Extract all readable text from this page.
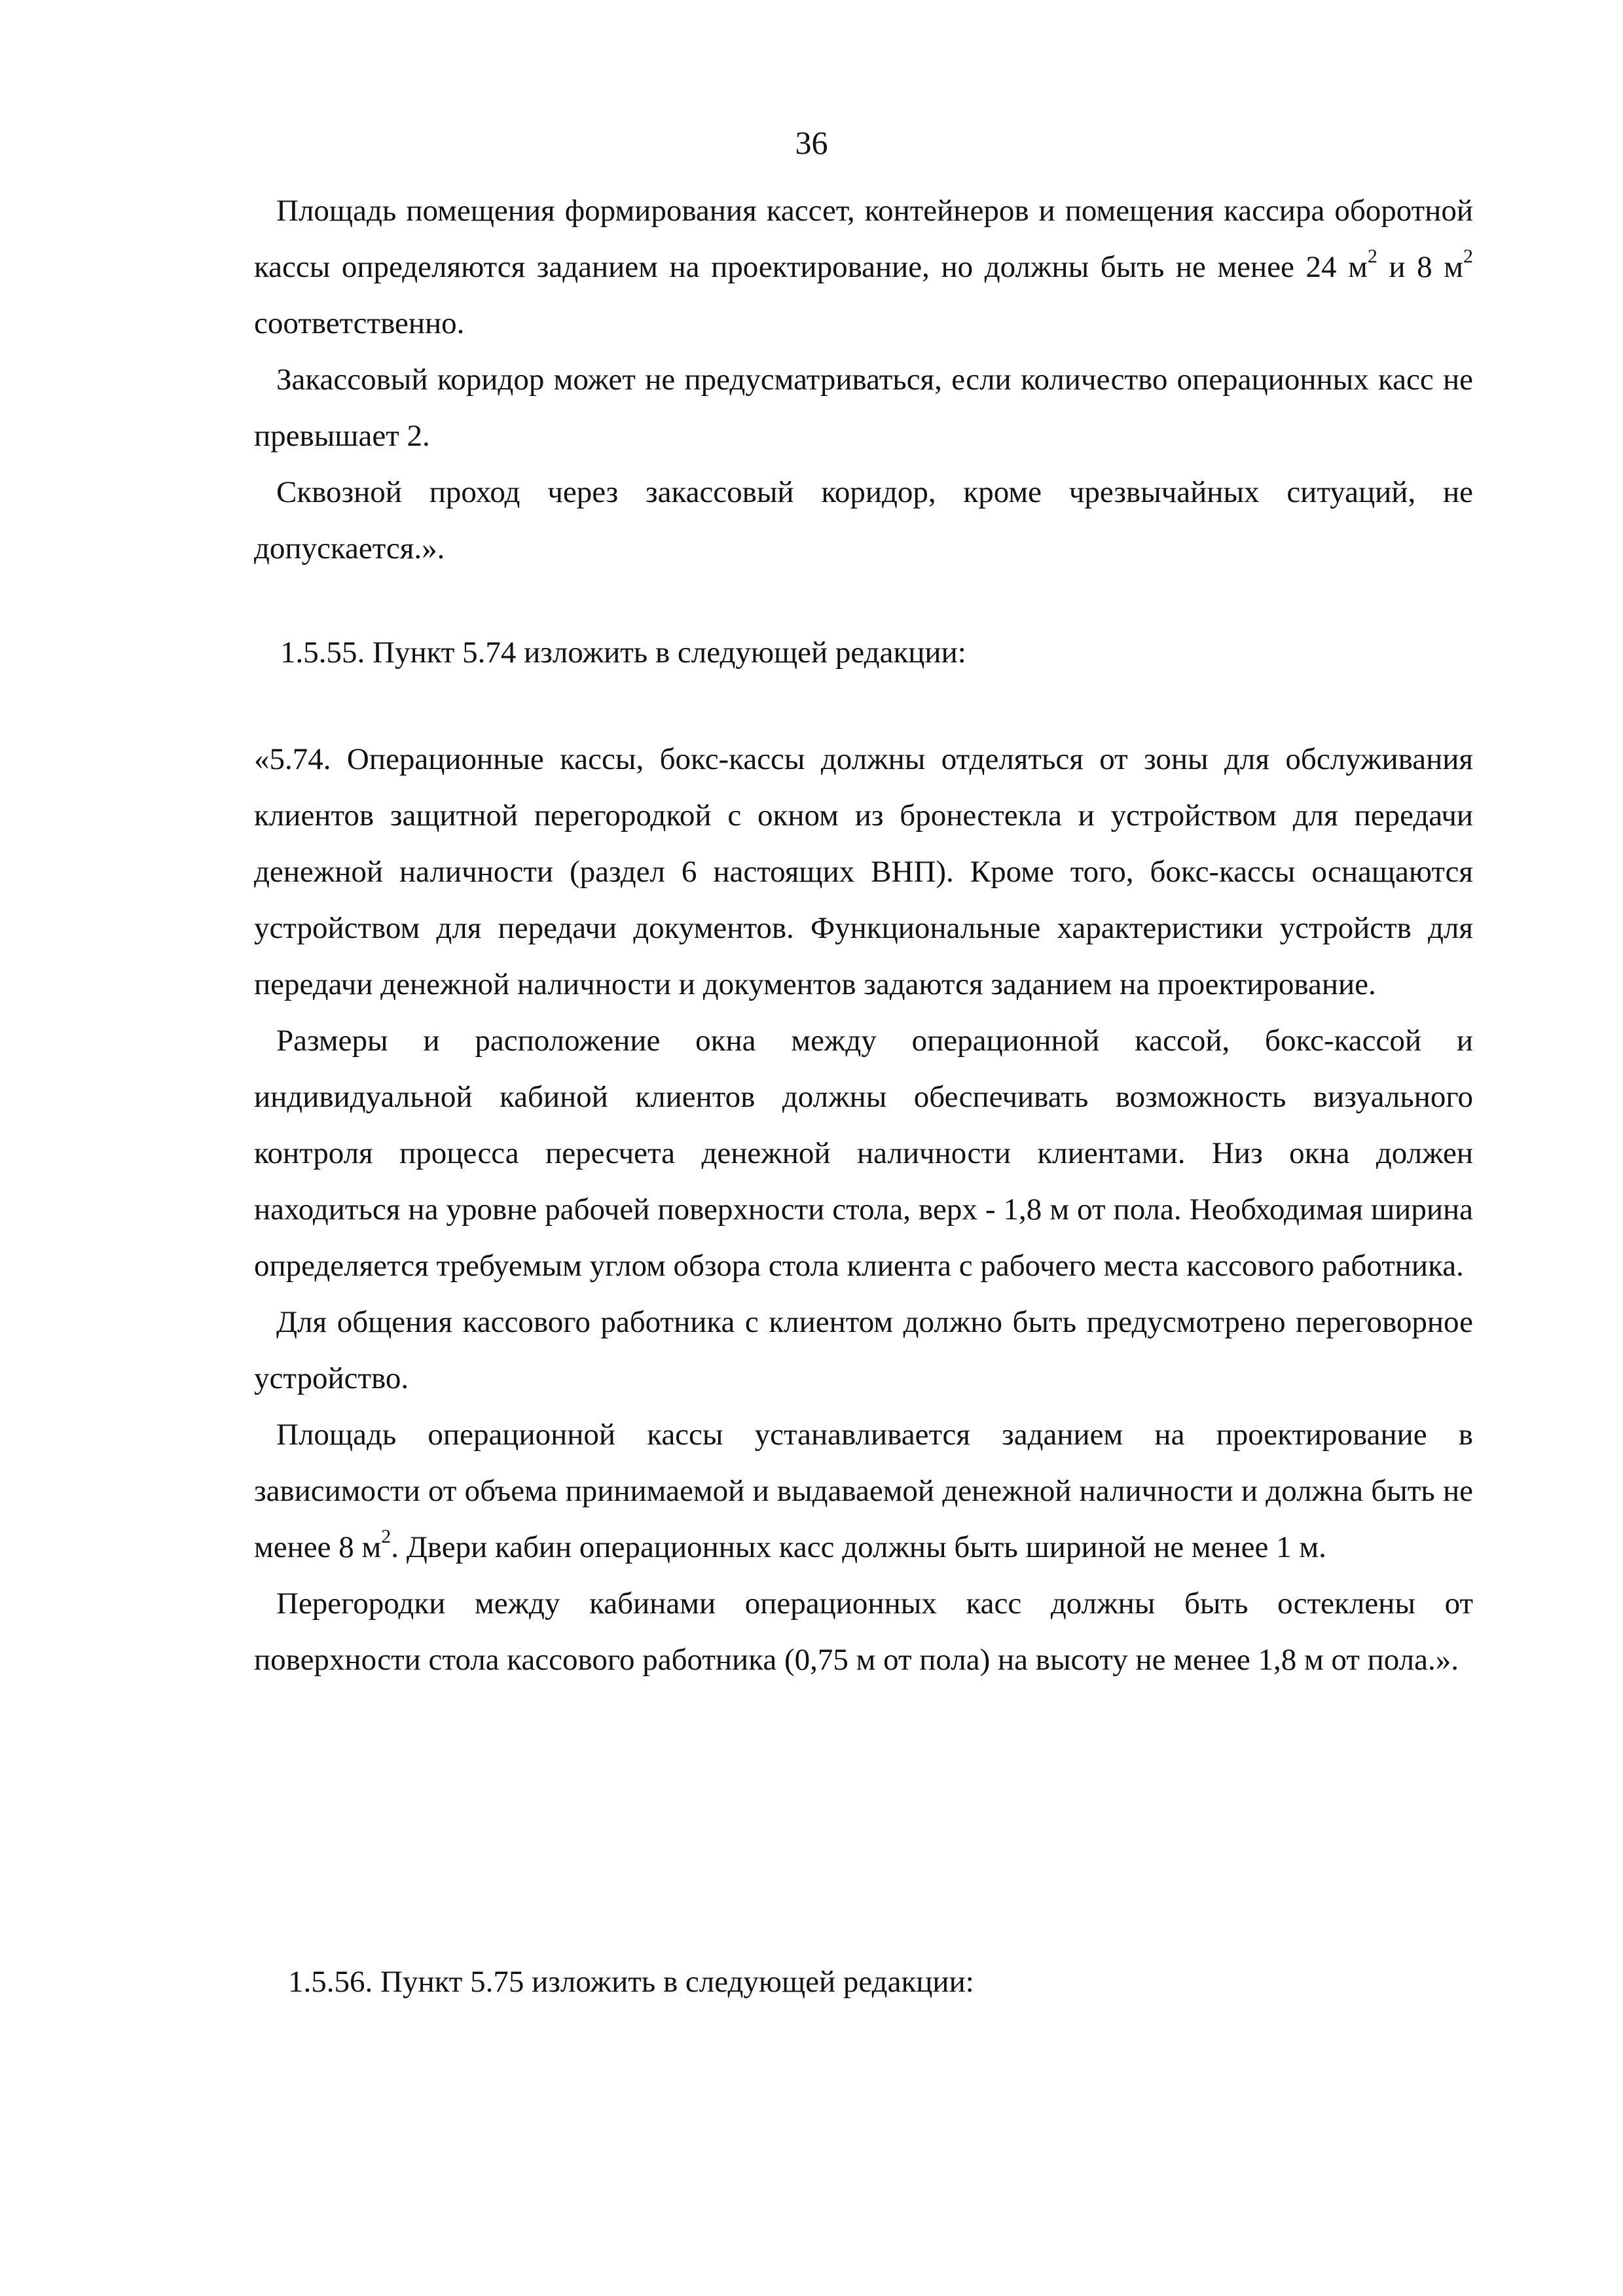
36

Площадь помещения формирования кассет, контейнеров и помещения кассира оборотной кассы определяются заданием на проектирование, но должны быть не менее 24 $м^2$ и 8 $м^2$ соответственно.

Закассовый коридор может не предусматриваться, если количество операционных касс не превышает 2.

Сквозной проход через закассовый коридор, кроме чрезвычайных ситуаций, не допускается.».

1.5.55. Пункт 5.74 изложить в следующей редакции:

«5.74. Операционные кассы, бокс-кассы должны отделяться от зоны для обслуживания клиентов защитной перегородкой с окном из бронестекла и устройством для передачи денежной наличности (раздел 6 настоящих ВНП). Кроме того, бокс-кассы оснащаются устройством для передачи документов. Функциональные характеристики устройств для передачи денежной наличности и документов задаются заданием на проектирование.

Размеры и расположение окна между операционной кассой, бокс-кассой и индивидуальной кабиной клиентов должны обеспечивать возможность визуального контроля процесса пересчета денежной наличности клиентами. Низ окна должен находиться на уровне рабочей поверхности стола, верх - 1,8 м от пола. Необходимая ширина определяется требуемым углом обзора стола клиента с рабочего места кассового работника.

Для общения кассового работника с клиентом должно быть предусмотрено переговорное устройство.

Площадь операционной кассы устанавливается заданием на проектирование в зависимости от объема принимаемой и выдаваемой денежной наличности и должна быть не менее 8 $м^2$. Двери кабин операционных касс должны быть шириной не менее 1 м.

Перегородки между кабинами операционных касс должны быть остеклены от поверхности стола кассового работника (0,75 м от пола) на высоту не менее 1,8 м от пола.».

1.5.56. Пункт 5.75 изложить в следующей редакции:
